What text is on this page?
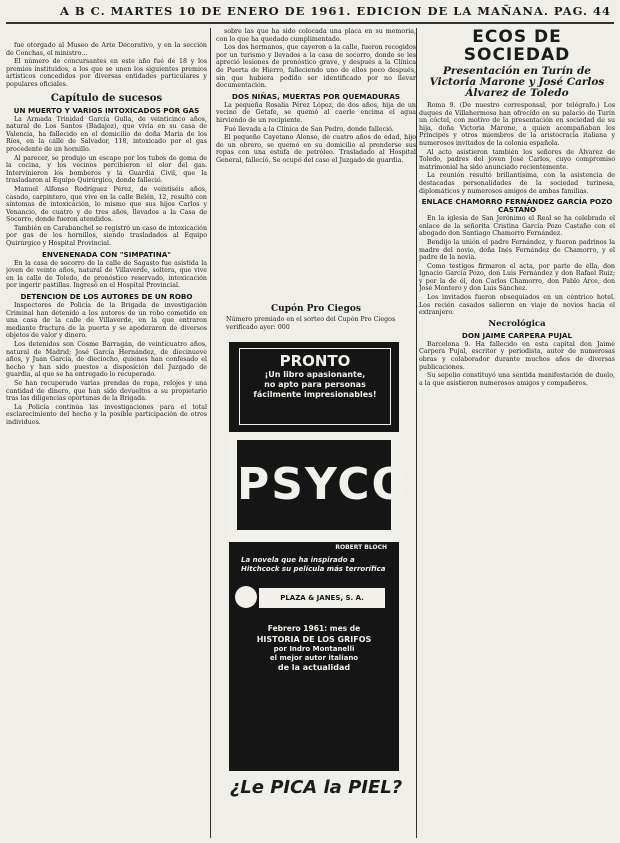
A B C. MARTES 10 DE ENERO DE 1961. EDICION DE LA MAÑANA. PAG. 44

fue otorgado al Museo de Arte Decorativo, y en la sección de Conchas, el ministro...

El número de concursantes en este año fué de 18 y los premios instituidos, a los que se unen los siguientes premios artísticos concedidos por diversas entidades particulares y populares oficiales.

Capítulo de sucesos
UN MUERTO Y VARIOS INTOXICADOS POR GAS

La Armada Trinidad García Gulla, de veinticinco años, natural de Los Santos (Badajoz), que vivía en su casa de Valencia, ha fallecido en el domicilio de doña María de los Ríos, en la calle de Salvador, 118, intoxicado por el gas procedente de un hornillo.

Al parecer, se produjo un escape por los tubos de goma de la cocina, y los vecinos percibieron el olor del gas. Intervinieron los bomberos y la Guardia Civil, que la trasladaron al Equipo Quirúrgico, donde falleció.

Manuel Alfonso Rodríguez Pérez, de veintiséis años, casado, carpintero, que vive en la calle Belén, 12, resultó con síntomas de intoxicación, lo mismo que sus hijos Carlos y Venancio, de cuatro y de tres años, llevados a la Casa de Socorro, donde fueron atendidos.

También en Carabanchel se registró un caso de intoxicación por gas de los hornillos, siendo trasladados al Equipo Quirúrgico y Hospital Provincial.

ENVENENADA CON "SIMPATINA"

En la casa de socorro de la calle de Sagasto fue asistida la joven de veinte años, natural de Villaverde, soltera, que vive en la calle de Toledo, de pronóstico reservado, intoxicación por ingerir pastillas. Ingresó en el Hospital Provincial.

DETENCION DE LOS AUTORES DE UN ROBO

Inspectores de Policía de la Brigada de investigación Criminal han detenido a los autores de un robo cometido en una casa de la calle de Villaverde, en la que entraron mediante fractura de la puerta y se apoderaron de diversos objetos de valor y dinero.

Los detenidos son Cosme Barragán, de veinticuatro años, natural de Madrid; José García Hernández, de diecinueve años, y Juan García, de dieciocho, quienes han confesado el hecho y han sido puestos a disposición del Juzgado de guardia, al que se ha entregado lo recuperado.

Se han recuperado varias prendas de ropa, relojes y una cantidad de dinero, que han sido devueltos a su propietario tras las diligencias oportunas de la Brigada.

La Policía continúa las investigaciones para el total esclarecimiento del hecho y la posible participación de otros individuos.

sobre las que ha sido colocada una placa en su memoria, con lo que ha quedado cumplimentado.

Los dos hermanos, que cayeron a la calle, fueron recogidos por un turismo y llevados a la casa de socorro, donde se les apreció lesiones de pronóstico grave, y después a la Clínica de Puerta de Hierro, falleciendo uno de ellos poco después, sin que hubiera podido ser identificado por no llevar documentación.

DOS NIÑAS, MUERTAS POR QUEMADURAS

La pequeña Rosalía Pérez López, de dos años, hija de un vecino de Getafe, se quemó al caerle encima el agua hirviendo de un recipiente.

Fué llevada a la Clínica de San Pedro, donde falleció.

El pequeño Cayetano Alonso, de cuatro años de edad, hijo de un obrero, se quemó en su domicilio al prenderse sus ropas con una estufa de petróleo. Trasladado al Hospital General, falleció. Se ocupó del caso el Juzgado de guardia.

Cupón Pro Ciegos
Número premiado en el sorteo del Cupón Pro Ciegos verificado ayer: 000
PRONTO
¡Un libro apasionante,
no apto para personas
fácilmente impresionables!
PSYCO
ROBERT BLOCH
La novela que ha inspirado a Hitchcock su película más terrorífica
PLAZA & JANES, S. A.
Febrero 1961: mes de
HISTORIA DE LOS GRIFOS
por Indro Montanelli
el mejor autor italiano
de la actualidad
¿Le PICA la PIEL?
ECOS DE SOCIEDAD
Presentación en Turín de Victoria Marone y José Carlos Álvarez de Toledo

Roma 9. (De nuestro corresponsal, por telégrafo.) Los duques de Villahermosa han ofrecido en su palacio de Turín un cóctel, con motivo de la presentación en sociedad de su hija, doña Victoria Marone, a quien acompañaban los Príncipes y otros miembros de la aristocracia italiana y numerosos invitados de la colonia española.

Al acto asistieron también los señores de Álvarez de Toledo, padres del joven José Carlos, cuyo compromiso matrimonial ha sido anunciado recientemente.

La reunión resultó brillantísima, con la asistencia de destacadas personalidades de la sociedad turinesa, diplomáticos y numerosos amigos de ambas familias.

ENLACE CHAMORRO FERNÁNDEZ GARCÍA POZO CASTAÑO

En la iglesia de San Jerónimo el Real se ha celebrado el enlace de la señorita Cristina García Pozo Castaño con el abogado don Santiago Chamorro Fernández.

Bendijo la unión el padre Fernández, y fueron padrinos la madre del novio, doña Inés Fernández de Chamorro, y el padre de la novia.

Como testigos firmaron el acta, por parte de ella, don Ignacio García Pozo, don Luis Fernández y don Rafael Ruiz; y por la de él, don Carlos Chamorro, don Pablo Arce, don José Montero y don Luis Sánchez.

Los invitados fueron obsequiados en un céntrico hotel. Los recién casados salieron en viaje de novios hacia el extranjero.

Necrológica
DON JAIME CARPERA PUJAL

Barcelona 9. Ha fallecido en esta capital don Jaime Carpera Pujal, escritor y periodista, autor de numerosas obras y colaborador durante muchos años de diversas publicaciones.

Su sepelio constituyó una sentida manifestación de duelo, a la que asistieron numerosos amigos y compañeros.
